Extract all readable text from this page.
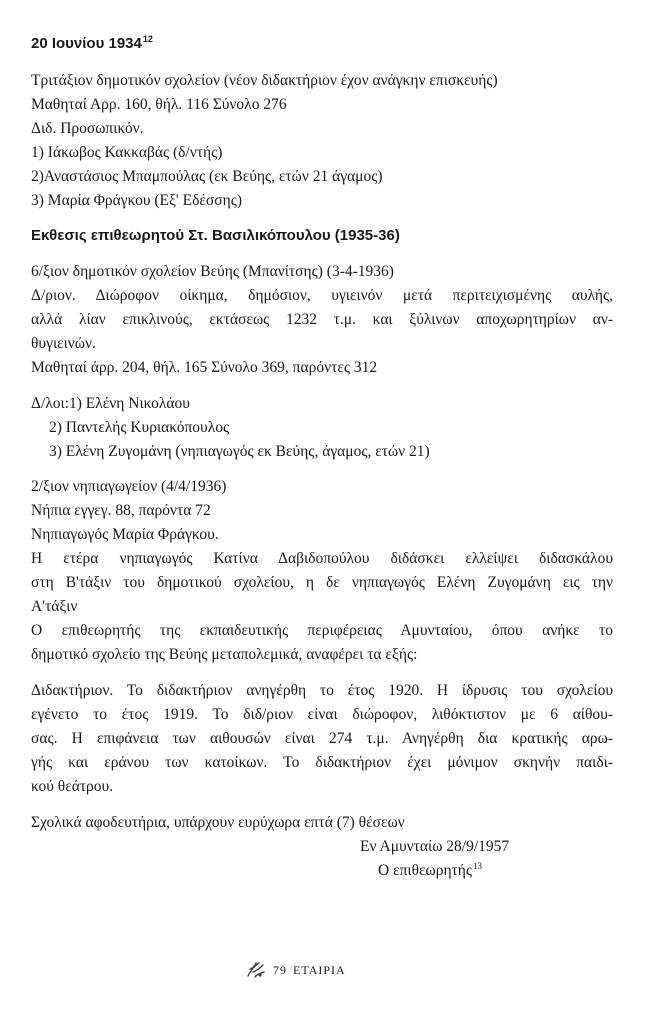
20 Ιουνίου 1934$^{12}$
Τριτάξιον δημοτικόν σχολείον (νέον διδακτήριον έχον ανάγκην επισκευής)
Μαθηταί Αρρ. 160, θήλ. 116 Σύνολο 276
Διδ. Προσωπικόν.
1) Ιάκωβος Κακκαβάς (δ/ντής)
2)Αναστάσιος Μπαμπούλας (εκ Βεύης, ετών 21 άγαμος)
3) Μαρία Φράγκου (Εξ' Εδέσσης)
Εκθεσις επιθεωρητού Στ. Βασιλικόπουλου (1935-36)
6/ξιον δημοτικόν σχολείον Βεύης (Μπανίτσης) (3-4-1936)
Δ/ριον. Διώροφον οίκημα, δημόσιον, υγιεινόν μετά περιτειχισμένης αυλής,
αλλά λίαν επικλινούς, εκτάσεως 1232 τ.μ. και ξύλινων αποχωρητηρίων αν-
θυγιεινών.
Μαθηταί άρρ. 204, θήλ. 165 Σύνολο 369, παρόντες 312
Δ/λοι:1) Ελένη Νικολάου
2) Παντελής Κυριακόπουλος
3) Ελένη Ζυγομάνη (νηπιαγωγός εκ Βεύης, άγαμος, ετών 21)
2/ξιον νηπιαγωγείον (4/4/1936)
Νήπια εγγεγ. 88, παρόντα 72
Νηπιαγωγός Μαρία Φράγκου.
Η ετέρα νηπιαγωγός Κατίνα Δαβιδοπούλου διδάσκει ελλείψει διδασκάλου
στη Β'τάξιν του δημοτικού σχολείου, η δε νηπιαγωγός Ελένη Ζυγομάνη εις την
Α'τάξιν
Ο επιθεωρητής της εκπαιδευτικής περιφέρειας Αμυνταίου, όπου ανήκε το
δημοτικό σχολείο της Βεύης μεταπολεμικά, αναφέρει τα εξής:
Διδακτήριον. Το διδακτήριον ανηγέρθη το έτος 1920. Η ίδρυσις του σχολείου
εγένετο το έτος 1919. Το διδ/ριον είναι διώροφον, λιθόκτιστον με 6 αίθου-
σας. Η επιφάνεια των αιθουσών είναι 274 τ.μ. Ανηγέρθη δια κρατικής αρω-
γής και εράνου των κατοίκων. Το διδακτήριον έχει μόνιμον σκηνήν παιδι-
κού θεάτρου.
Σχολικά αφοδευτήρια, υπάρχουν ευρύχωρα επτά (7) θέσεων
Εν Αμυνταίω 28/9/1957
Ο επιθεωρητής$^{13}$
79 ΕΤΑΙΡΙΑ
